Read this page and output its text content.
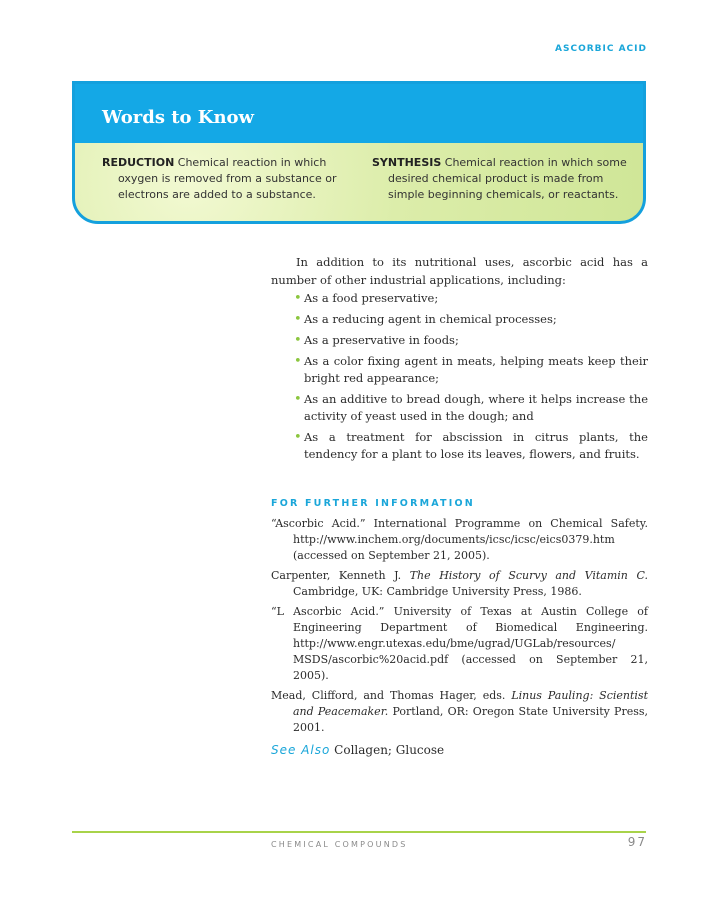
ASCORBIC ACID
Words to Know
REDUCTION Chemical reaction in which oxygen is removed from a substance or electrons are added to a substance.
SYNTHESIS Chemical reaction in which some desired chemical product is made from simple beginning chemicals, or reactants.

In addition to its nutritional uses, ascorbic acid has a number of other industrial applications, including:

• As a food preservative;
• As a reducing agent in chemical processes;
• As a preservative in foods;
• As a color fixing agent in meats, helping meats keep their bright red appearance;
• As an additive to bread dough, where it helps increase the activity of yeast used in the dough; and
• As a treatment for abscission in citrus plants, the tendency for a plant to lose its leaves, flowers, and fruits.
FOR FURTHER INFORMATION
“Ascorbic Acid.” International Programme on Chemical Safety. http://www.inchem.org/documents/icsc/icsc/eics0379.htm (accessed on September 21, 2005).
Carpenter, Kenneth J. The History of Scurvy and Vitamin C. Cambridge, UK: Cambridge University Press, 1986.
“L Ascorbic Acid.” University of Texas at Austin College of Engineering Department of Biomedical Engineering. http://www.engr.utexas.edu/bme/ugrad/UGLab/resources/ MSDS/ascorbic%20acid.pdf (accessed on September 21, 2005).
Mead, Clifford, and Thomas Hager, eds. Linus Pauling: Scientist and Peacemaker. Portland, OR: Oregon State University Press, 2001.
See Also Collagen; Glucose
CHEMICAL COMPOUNDS	97
